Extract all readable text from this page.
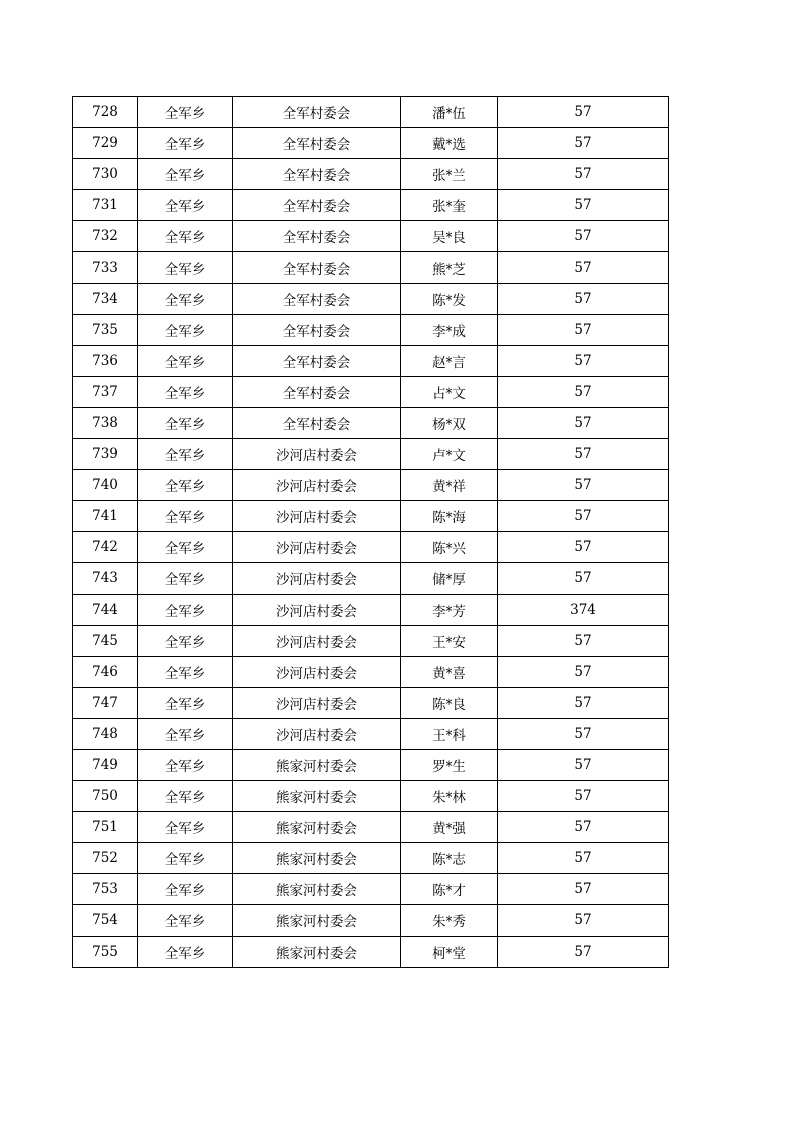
728	全军乡	全军村委会	潘*伍	57
729	全军乡	全军村委会	戴*选	57
730	全军乡	全军村委会	张*兰	57
731	全军乡	全军村委会	张*奎	57
732	全军乡	全军村委会	吴*良	57
733	全军乡	全军村委会	熊*芝	57
734	全军乡	全军村委会	陈*发	57
735	全军乡	全军村委会	李*成	57
736	全军乡	全军村委会	赵*言	57
737	全军乡	全军村委会	占*文	57
738	全军乡	全军村委会	杨*双	57
739	全军乡	沙河店村委会	卢*文	57
740	全军乡	沙河店村委会	黄*祥	57
741	全军乡	沙河店村委会	陈*海	57
742	全军乡	沙河店村委会	陈*兴	57
743	全军乡	沙河店村委会	储*厚	57
744	全军乡	沙河店村委会	李*芳	374
745	全军乡	沙河店村委会	王*安	57
746	全军乡	沙河店村委会	黄*喜	57
747	全军乡	沙河店村委会	陈*良	57
748	全军乡	沙河店村委会	王*科	57
749	全军乡	熊家河村委会	罗*生	57
750	全军乡	熊家河村委会	朱*林	57
751	全军乡	熊家河村委会	黄*强	57
752	全军乡	熊家河村委会	陈*志	57
753	全军乡	熊家河村委会	陈*才	57
754	全军乡	熊家河村委会	朱*秀	57
755	全军乡	熊家河村委会	柯*堂	57
